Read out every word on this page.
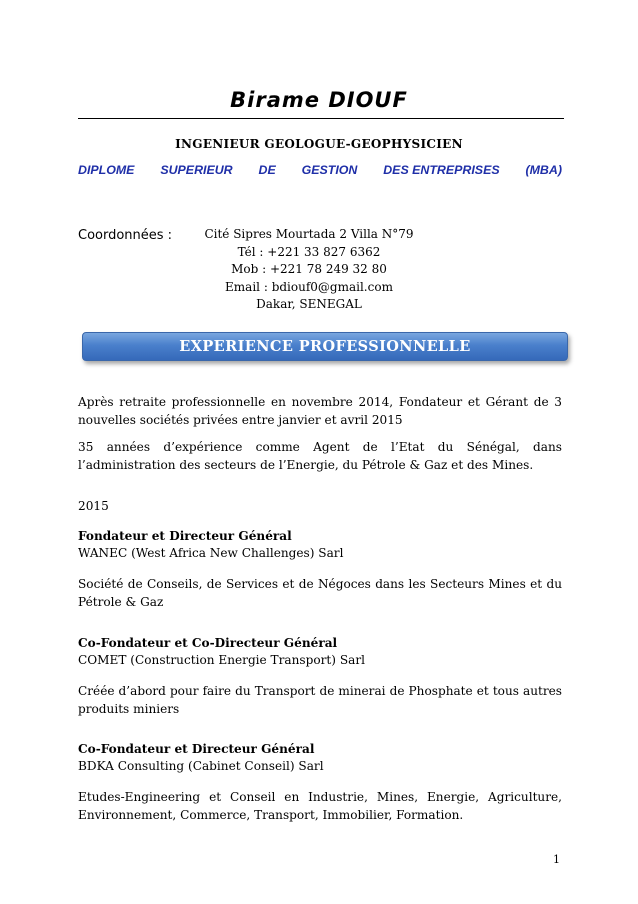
Birame DIOUF
INGENIEUR GEOLOGUE-GEOPHYSICIEN
DIPLOME SUPERIEUR DE GESTION DES ENTREPRISES (MBA)
Coordonnées :	Cité Sipres Mourtada 2 Villa N°79
Tél : +221 33 827 6362
Mob : +221 78 249 32 80
Email : bdiouf0@gmail.com
Dakar, SENEGAL
EXPERIENCE PROFESSIONNELLE
Après retraite professionnelle en novembre 2014, Fondateur et Gérant de 3 nouvelles sociétés privées entre janvier et avril 2015
35 années d’expérience comme Agent de l’Etat du Sénégal, dans l’administration des secteurs de l’Energie, du Pétrole & Gaz et des Mines.
2015
Fondateur et Directeur Général
WANEC (West Africa New Challenges) Sarl
Société de Conseils, de Services et de Négoces dans les Secteurs Mines et du Pétrole & Gaz
Co-Fondateur et Co-Directeur Général
COMET (Construction Energie Transport) Sarl
Créée d’abord pour faire du Transport de minerai de Phosphate et tous autres produits miniers
Co-Fondateur et Directeur Général
BDKA Consulting (Cabinet Conseil) Sarl
Etudes-Engineering et Conseil en Industrie, Mines, Energie, Agriculture, Environnement, Commerce, Transport, Immobilier, Formation.
1
